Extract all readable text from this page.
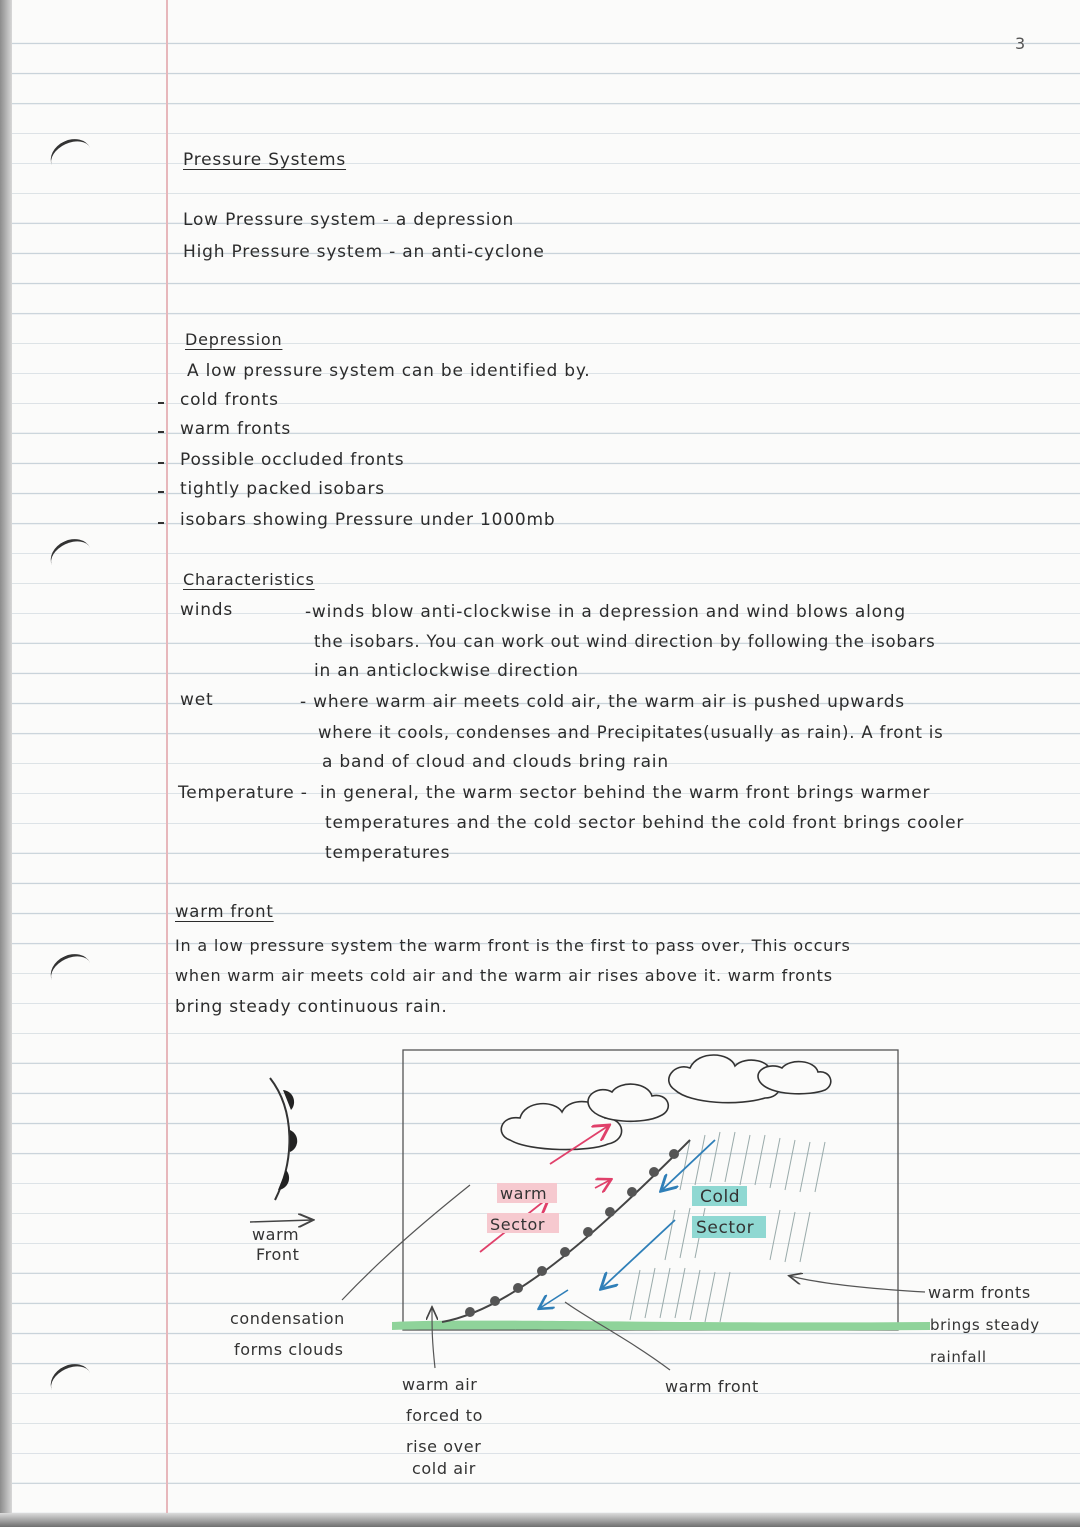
3
Pressure Systems
Low Pressure system - a depression
High Pressure system - an anti-cyclone
Depression
A low pressure system can be identified by.
cold fronts
warm fronts
Possible occluded fronts
tightly packed isobars
isobars showing Pressure under 1000mb
Characteristics
winds	-winds blow anti-clockwise in a depression and wind blows along
the isobars. You can work out wind direction by following the isobars
in an anticlockwise direction
wet	- where warm air meets cold air, the warm air is pushed upwards
where it cools, condenses and Precipitates(usually as rain). A front is
a band of cloud and clouds bring rain
Temperature - in general, the warm sector behind the warm front brings warmer
temperatures and the cold sector behind the cold front brings cooler
temperatures
warm front
In a low pressure system the warm front is the first to pass over, This occurs
when warm air meets cold air and the warm air rises above it. warm fronts
bring steady continuous rain.
warm
Front
warm
Sector
Cold
Sector
condensation
forms clouds
warm air
forced to
rise over
cold air
warm front
warm fronts
brings steady
rainfall
